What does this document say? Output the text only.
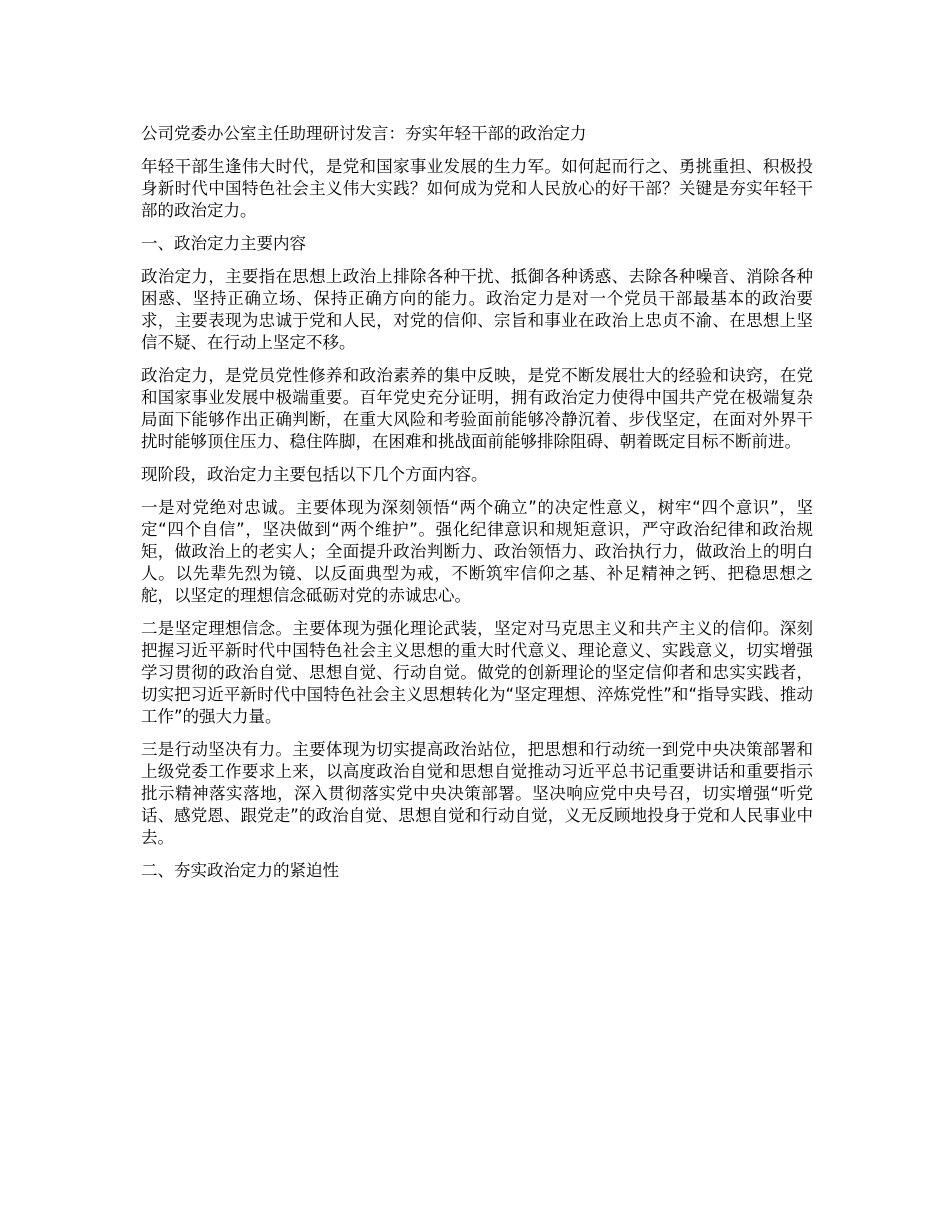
公司党委办公室主任助理研讨发言：夯实年轻干部的政治定力

年轻干部生逢伟大时代，是党和国家事业发展的生力军。如何起而行之、勇挑重担、积极投身新时代中国特色社会主义伟大实践？如何成为党和人民放心的好干部？关键是夯实年轻干部的政治定力。

一、政治定力主要内容

政治定力，主要指在思想上政治上排除各种干扰、抵御各种诱惑、去除各种噪音、消除各种困惑、坚持正确立场、保持正确方向的能力。政治定力是对一个党员干部最基本的政治要求，主要表现为忠诚于党和人民，对党的信仰、宗旨和事业在政治上忠贞不渝、在思想上坚信不疑、在行动上坚定不移。

政治定力，是党员党性修养和政治素养的集中反映，是党不断发展壮大的经验和诀窍，在党和国家事业发展中极端重要。百年党史充分证明，拥有政治定力使得中国共产党在极端复杂局面下能够作出正确判断，在重大风险和考验面前能够冷静沉着、步伐坚定，在面对外界干扰时能够顶住压力、稳住阵脚，在困难和挑战面前能够排除阻碍、朝着既定目标不断前进。

现阶段，政治定力主要包括以下几个方面内容。

一是对党绝对忠诚。主要体现为深刻领悟“两个确立”的决定性意义，树牢“四个意识”，坚定“四个自信”，坚决做到“两个维护”。强化纪律意识和规矩意识，严守政治纪律和政治规矩，做政治上的老实人；全面提升政治判断力、政治领悟力、政治执行力，做政治上的明白人。以先辈先烈为镜、以反面典型为戒，不断筑牢信仰之基、补足精神之钙、把稳思想之舵，以坚定的理想信念砥砺对党的赤诚忠心。

二是坚定理想信念。主要体现为强化理论武装，坚定对马克思主义和共产主义的信仰。深刻把握习近平新时代中国特色社会主义思想的重大时代意义、理论意义、实践意义，切实增强学习贯彻的政治自觉、思想自觉、行动自觉。做党的创新理论的坚定信仰者和忠实实践者，切实把习近平新时代中国特色社会主义思想转化为“坚定理想、淬炼党性”和“指导实践、推动工作”的强大力量。

三是行动坚决有力。主要体现为切实提高政治站位，把思想和行动统一到党中央决策部署和上级党委工作要求上来，以高度政治自觉和思想自觉推动习近平总书记重要讲话和重要指示批示精神落实落地，深入贯彻落实党中央决策部署。坚决响应党中央号召，切实增强“听党话、感党恩、跟党走”的政治自觉、思想自觉和行动自觉，义无反顾地投身于党和人民事业中去。

二、夯实政治定力的紧迫性
